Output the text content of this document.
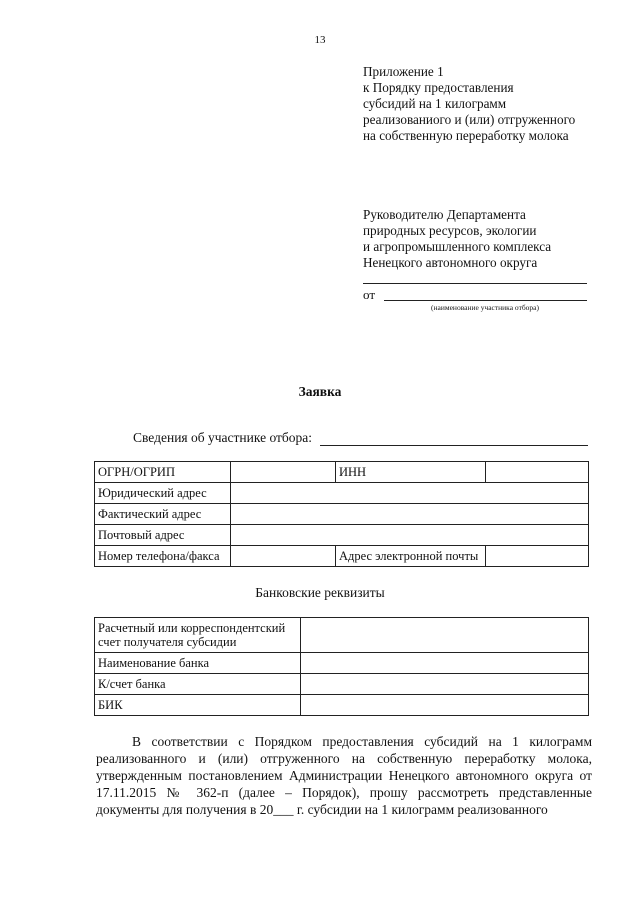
13
Приложение 1
к Порядку предоставления
субсидий на 1 килограмм
реализованиого и (или) отгруженного
на собственную переработку молока
Руководителю Департамента
природных ресурсов, экологии
и агропромышленного комплекса
Ненецкого автономного округа
от
(наименование участника отбора)
Заявка
Сведения об участнике отбора:
ОГРН/ОГРИП		ИНН	
Юридический адрес			
Фактический адрес			
Почтовый адрес			
Номер телефона/факса		Адрес электронной почты	
Банковские реквизиты
Расчетный или корреспондентский счет получателя субсидии	
Наименование банка	
К/счет банка	
БИК	
В соответствии с Порядком предоставления субсидий на 1 килограмм реализованного и (или) отгруженного на собственную переработку молока, утвержденным постановлением Администрации Ненецкого автономного округа от 17.11.2015 № 362-п (далее – Порядок), прошу рассмотреть представленные документы для получения в 20___ г. субсидии на 1 килограмм реализованного
